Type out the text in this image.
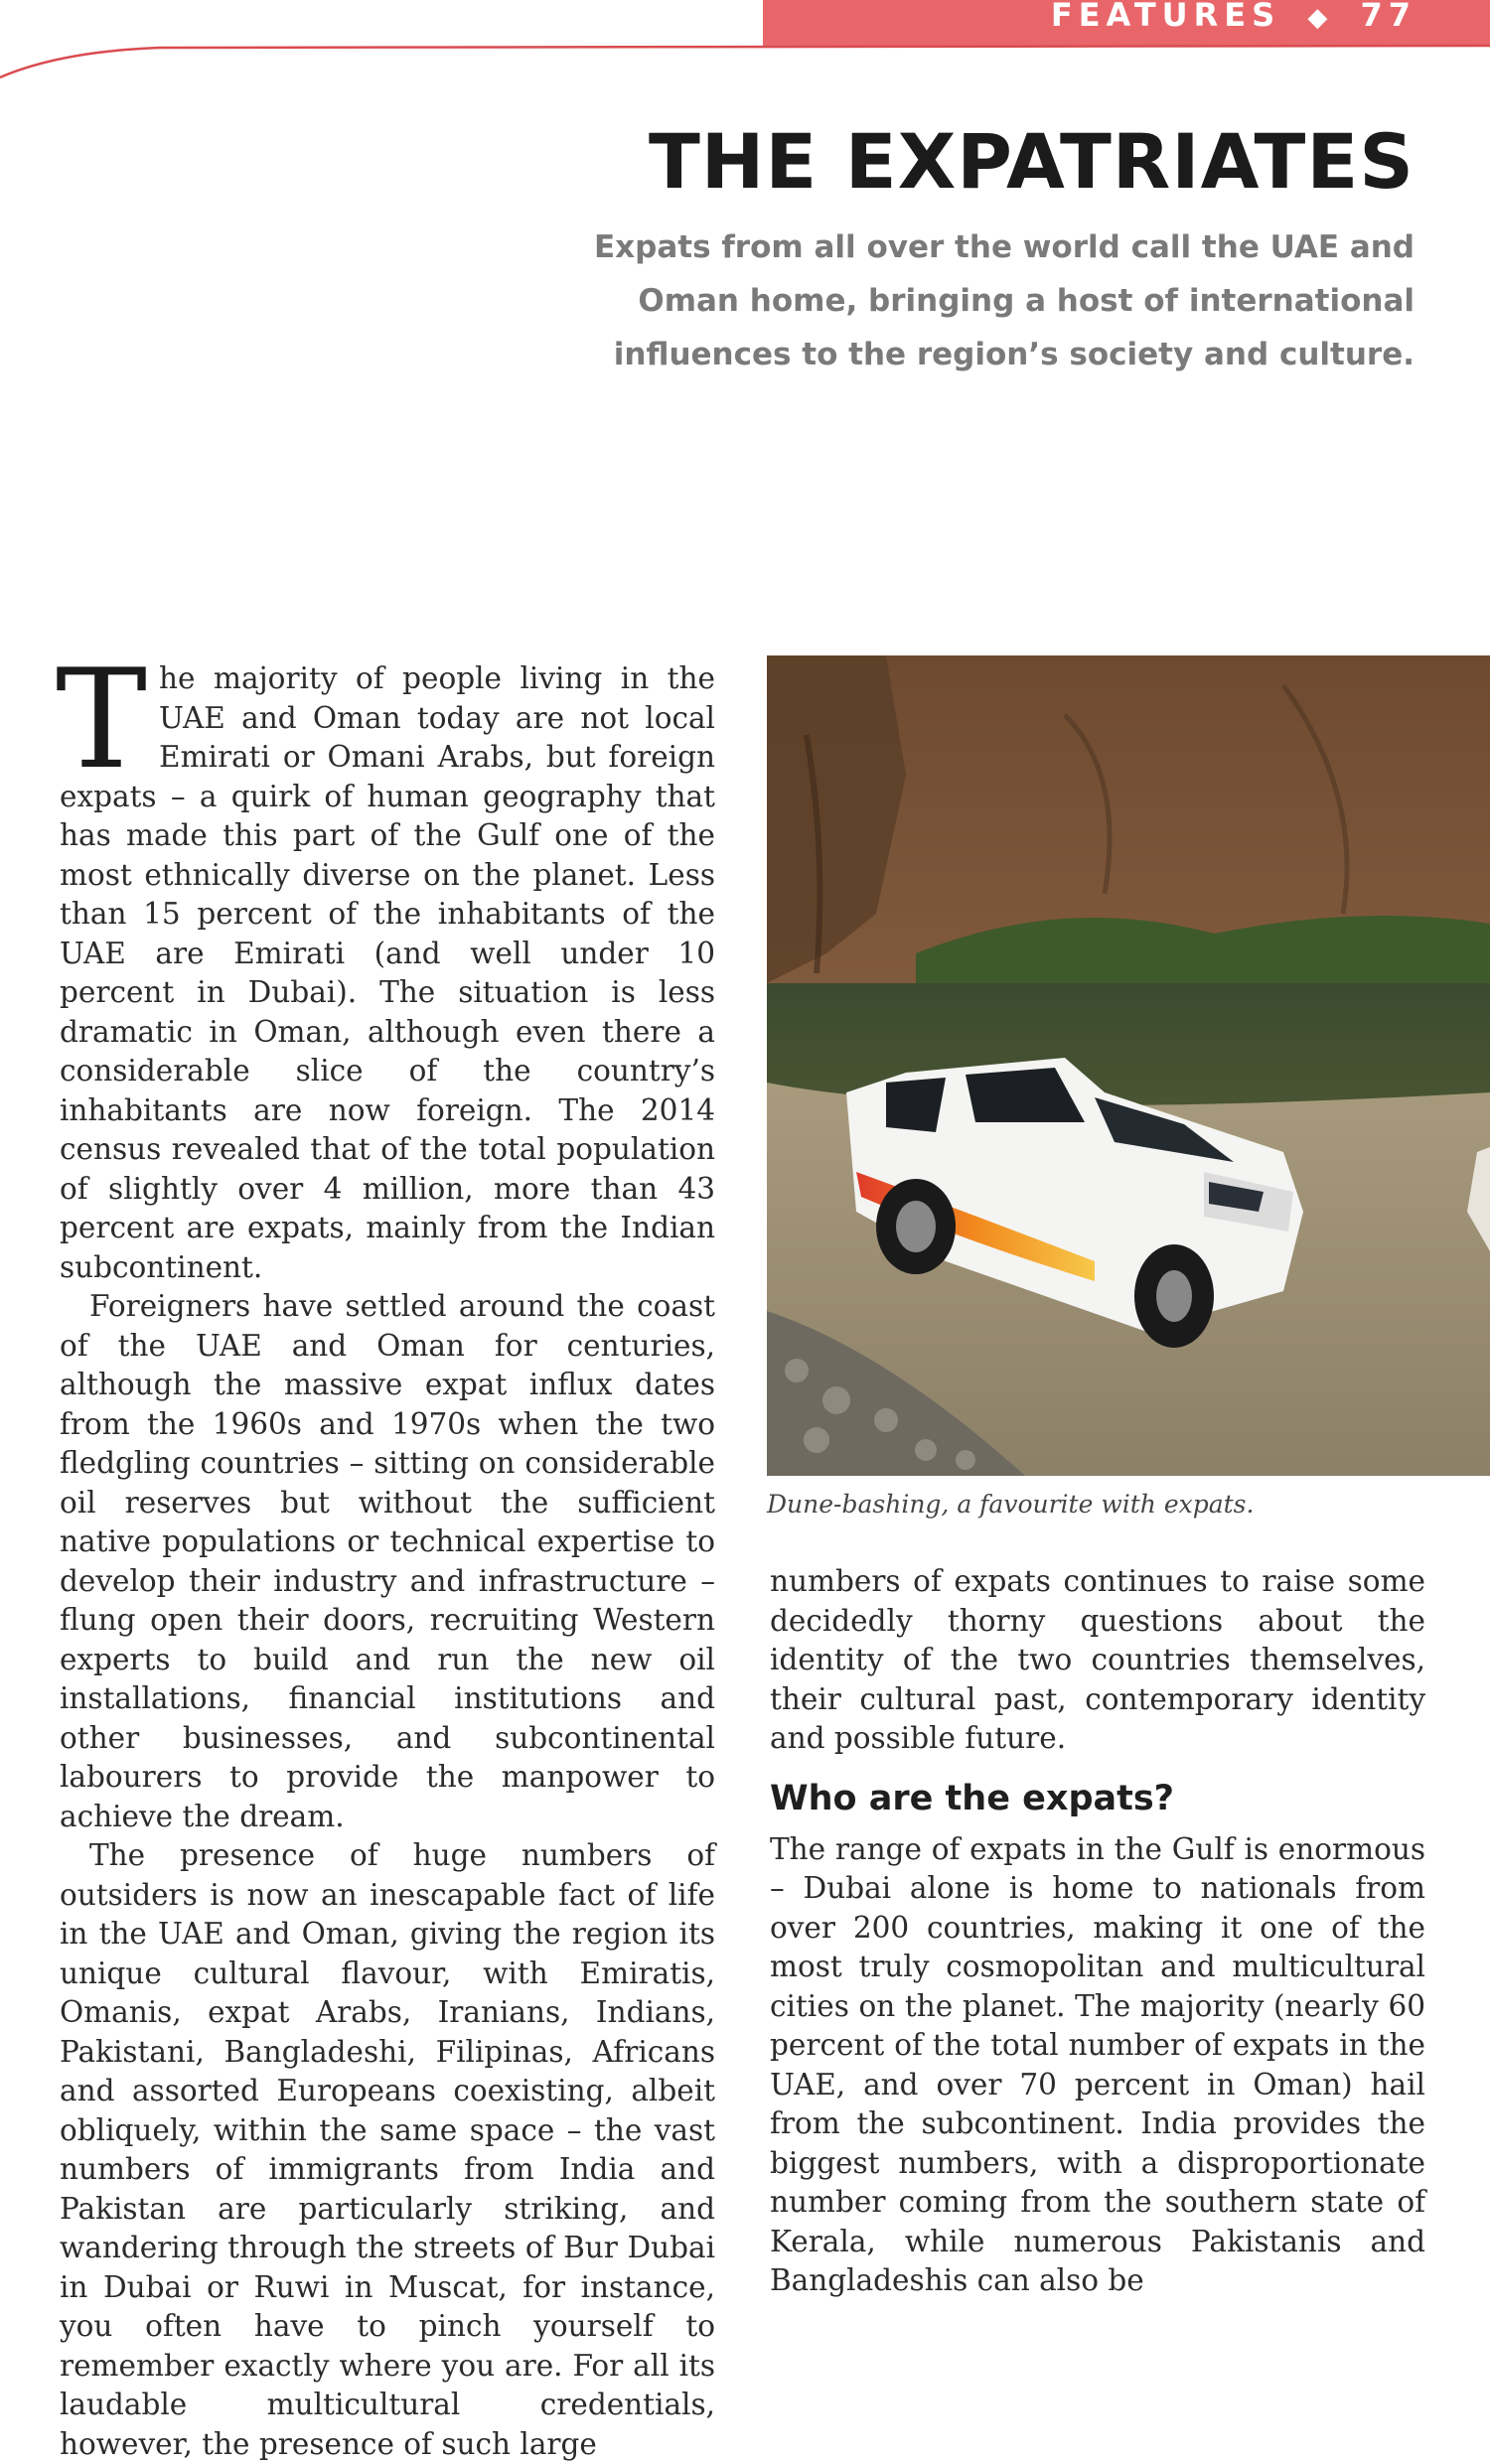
FEATURES ◆ 77
THE EXPATRIATES

Expats from all over the world call the UAE and Oman home, bringing a host of international influences to the region’s society and culture.

The majority of people living in the UAE and Oman today are not local Emirati or Omani Arabs, but foreign expats – a quirk of human geography that has made this part of the Gulf one of the most ethnically diverse on the planet. Less than 15 percent of the inhabitants of the UAE are Emirati (and well under 10 percent in Dubai). The situation is less dramatic in Oman, although even there a considerable slice of the country’s inhabitants are now foreign. The 2014 census revealed that of the total population of slightly over 4 million, more than 43 percent are expats, mainly from the Indian subcontinent.

Foreigners have settled around the coast of the UAE and Oman for centuries, although the massive expat influx dates from the 1960s and 1970s when the two fledgling countries – sitting on considerable oil reserves but without the sufficient native populations or technical expertise to develop their industry and infrastructure – flung open their doors, recruiting Western experts to build and run the new oil installations, financial institutions and other businesses, and subcontinental labourers to provide the manpower to achieve the dream.

The presence of huge numbers of outsiders is now an inescapable fact of life in the UAE and Oman, giving the region its unique cultural flavour, with Emiratis, Omanis, expat Arabs, Iranians, Indians, Pakistani, Bangladeshi, Filipinas, Africans and assorted Europeans coexisting, albeit obliquely, within the same space – the vast numbers of immigrants from India and Pakistan are particularly striking, and wandering through the streets of Bur Dubai in Dubai or Ruwi in Muscat, for instance, you often have to pinch yourself to remember exactly where you are. For all its laudable multicultural credentials, however, the presence of such large

Dune-bashing, a favourite with expats.

numbers of expats continues to raise some decidedly thorny questions about the identity of the two countries themselves, their cultural past, contemporary identity and possible future.

Who are the expats?

The range of expats in the Gulf is enormous – Dubai alone is home to nationals from over 200 countries, making it one of the most truly cosmopolitan and multicultural cities on the planet. The majority (nearly 60 percent of the total number of expats in the UAE, and over 70 percent in Oman) hail from the subcontinent. India provides the biggest numbers, with a disproportionate number coming from the southern state of Kerala, while numerous Pakistanis and Bangladeshis can also be
